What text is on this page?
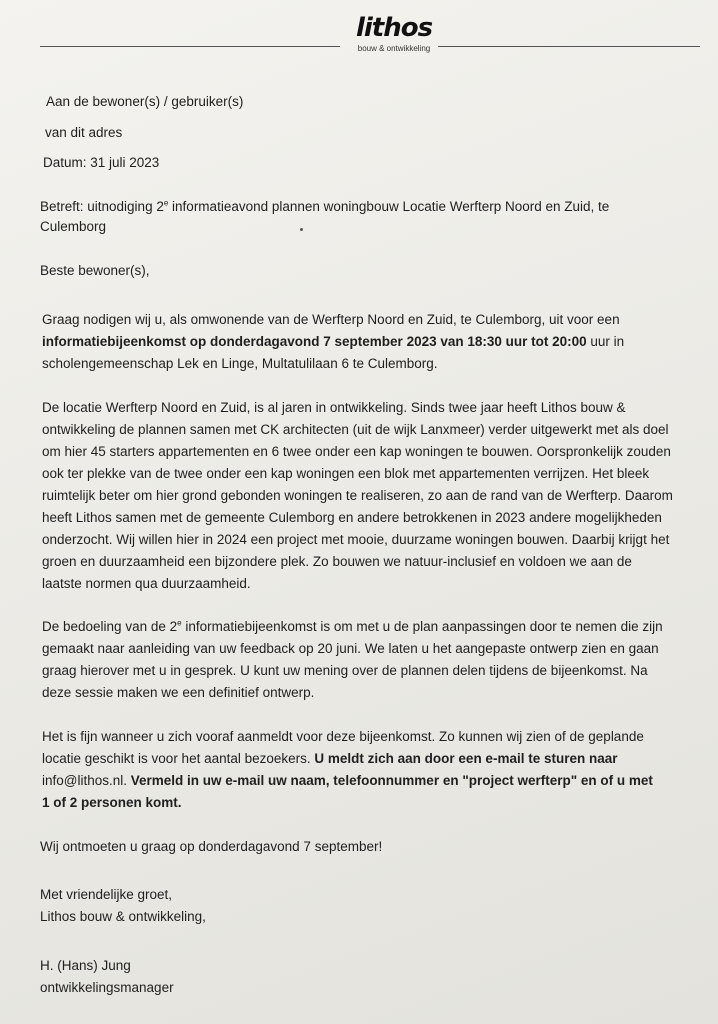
lithos
bouw & ontwikkeling
Aan de bewoner(s) / gebruiker(s)
van dit adres
Datum: 31 juli 2023
Betreft: uitnodiging 2e informatieavond plannen woningbouw Locatie Werfterp Noord en Zuid, te
Culemborg
Beste bewoner(s),
Graag nodigen wij u, als omwonende van de Werfterp Noord en Zuid, te Culemborg, uit voor een
informatiebijeenkomst op donderdagavond 7 september 2023 van 18:30 uur tot 20:00 uur in
scholengemeenschap Lek en Linge, Multatulilaan 6 te Culemborg.
De locatie Werfterp Noord en Zuid, is al jaren in ontwikkeling. Sinds twee jaar heeft Lithos bouw &
ontwikkeling de plannen samen met CK architecten (uit de wijk Lanxmeer) verder uitgewerkt met als doel
om hier 45 starters appartementen en 6 twee onder een kap woningen te bouwen. Oorspronkelijk zouden
ook ter plekke van de twee onder een kap woningen een blok met appartementen verrijzen. Het bleek
ruimtelijk beter om hier grond gebonden woningen te realiseren, zo aan de rand van de Werfterp. Daarom
heeft Lithos samen met de gemeente Culemborg en andere betrokkenen in 2023 andere mogelijkheden
onderzocht. Wij willen hier in 2024 een project met mooie, duurzame woningen bouwen. Daarbij krijgt het
groen en duurzaamheid een bijzondere plek. Zo bouwen we natuur-inclusief en voldoen we aan de
laatste normen qua duurzaamheid.
De bedoeling van de 2e informatiebijeenkomst is om met u de plan aanpassingen door te nemen die zijn
gemaakt naar aanleiding van uw feedback op 20 juni. We laten u het aangepaste ontwerp zien en gaan
graag hierover met u in gesprek. U kunt uw mening over de plannen delen tijdens de bijeenkomst. Na
deze sessie maken we een definitief ontwerp.
Het is fijn wanneer u zich vooraf aanmeldt voor deze bijeenkomst. Zo kunnen wij zien of de geplande
locatie geschikt is voor het aantal bezoekers. U meldt zich aan door een e-mail te sturen naar
info@lithos.nl. Vermeld in uw e-mail uw naam, telefoonnummer en "project werfterp" en of u met
1 of 2 personen komt.
Wij ontmoeten u graag op donderdagavond 7 september!
Met vriendelijke groet,
Lithos bouw & ontwikkeling,
H. (Hans) Jung
ontwikkelingsmanager
